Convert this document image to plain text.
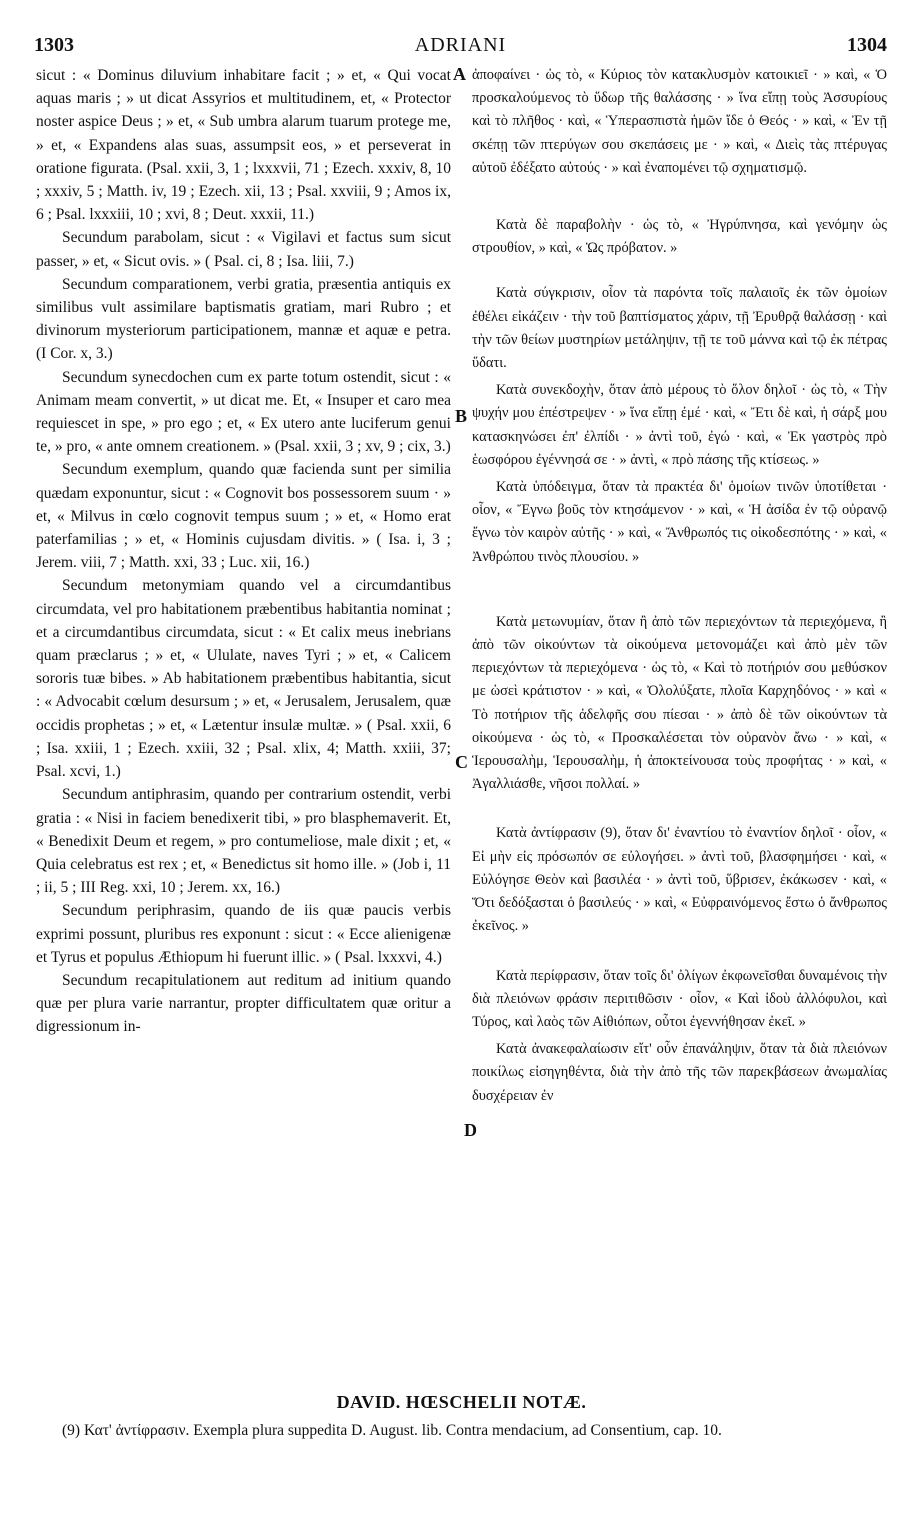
1303	ADRIANI	1304

sicut : « Dominus diluvium inhabitare facit ; » et, « Qui vocat aquas maris ; » ut dicat Assyrios et multitudinem, et, « Protector noster aspice Deus ; » et, « Sub umbra alarum tuarum protege me, » et, « Expandens alas suas, assumpsit eos, » et perseverat in oratione figurata. (Psal. xxii, 3, 1 ; lxxxvii, 71 ; Ezech. xxxiv, 8, 10 ; xxxiv, 5 ; Matth. iv, 19 ; Ezech. xii, 13 ; Psal. xxviii, 9 ; Amos ix, 6 ; Psal. lxxxiii, 10 ; xvi, 8 ; Deut. xxxii, 11.)

Secundum parabolam, sicut : « Vigilavi et factus sum sicut passer, » et, « Sicut ovis. » ( Psal. ci, 8 ; Isa. liii, 7.)

Secundum comparationem, verbi gratia, præsentia antiquis ex similibus vult assimilare baptismatis gratiam, mari Rubro ; et divinorum mysteriorum participationem, mannæ et aquæ e petra. (I Cor. x, 3.)

Secundum synecdochen cum ex parte totum ostendit, sicut : « Animam meam convertit, » ut dicat me. Et, « Insuper et caro mea requiescet in spe, » pro ego ; et, « Ex utero ante luciferum genui te, » pro, « ante omnem creationem. » (Psal. xxii, 3 ; xv, 9 ; cix, 3.)

Secundum exemplum, quando quæ facienda sunt per similia quædam exponuntur, sicut : « Cognovit bos possessorem suum · » et, « Milvus in cœlo cognovit tempus suum ; » et, « Homo erat paterfamilias ; » et, « Hominis cujusdam divitis. » ( Isa. i, 3 ; Jerem. viii, 7 ; Matth. xxi, 33 ; Luc. xii, 16.)

Secundum metonymiam quando vel a circumdantibus circumdata, vel pro habitationem præbentibus habitantia nominat ; et a circumdantibus circumdata, sicut : « Et calix meus inebrians quam præclarus ; » et, « Ululate, naves Tyri ; » et, « Calicem sororis tuæ bibes. » Ab habitationem præbentibus habitantia, sicut : « Advocabit cœlum desursum ; » et, « Jerusalem, Jerusalem, quæ occidis prophetas ; » et, « Lætentur insulæ multæ. » ( Psal. xxii, 6 ; Isa. xxiii, 1 ; Ezech. xxiii, 32 ; Psal. xlix, 4; Matth. xxiii, 37; Psal. xcvi, 1.)

Secundum antiphrasim, quando per contrarium ostendit, verbi gratia : « Nisi in faciem benedixerit tibi, » pro blasphemaverit. Et, « Benedixit Deum et regem, » pro contumeliose, male dixit ; et, « Quia celebratus est rex ; et, « Benedictus sit homo ille. » (Job i, 11 ; ii, 5 ; III Reg. xxi, 10 ; Jerem. xx, 16.)

Secundum periphrasim, quando de iis quæ paucis verbis exprimi possunt, pluribus res exponunt : sicut : « Ecce alienigenæ et Tyrus et populus Æthiopum hi fuerunt illic. » ( Psal. lxxxvi, 4.)

Secundum recapitulationem aut reditum ad initium quando quæ per plura varie narrantur, propter difficultatem quæ oritur a digressionum in-

A
B
C
D

ἀποφαίνει · ὡς τὸ, « Κύριος τὸν κατακλυσμὸν κατοικιεῖ · » καὶ, « Ὁ προσκαλούμενος τὸ ὕδωρ τῆς θαλάσσης · » ἵνα εἴπῃ τοὺς Ἀσσυρίους καὶ τὸ πλῆθος · καὶ, « Ὑπερασπιστὰ ἡμῶν ἴδε ὁ Θεός · » καὶ, « Ἐν τῇ σκέπῃ τῶν πτερύγων σου σκεπάσεις με · » καὶ, « Διεὶς τὰς πτέρυγας αὐτοῦ ἐδέξατο αὐτούς · » καὶ ἐναπομένει τῷ σχηματισμῷ.

Κατὰ δὲ παραβολὴν · ὡς τὸ, « Ἠγρύπνησα, καὶ γενόμην ὡς στρουθίον, » καὶ, « Ὡς πρόβατον. »

Κατὰ σύγκρισιν, οἷον τὰ παρόντα τοῖς παλαιοῖς ἐκ τῶν ὁμοίων ἐθέλει εἰκάζειν · τὴν τοῦ βαπτίσματος χάριν, τῇ Ἐρυθρᾷ θαλάσσῃ · καὶ τὴν τῶν θείων μυστηρίων μετάληψιν, τῇ τε τοῦ μάννα καὶ τῷ ἐκ πέτρας ὕδατι.

Κατὰ συνεκδοχὴν, ὅταν ἀπὸ μέρους τὸ ὅλον δηλοῖ · ὡς τὸ, « Τὴν ψυχήν μου ἐπέστρεψεν · » ἵνα εἴπῃ ἐμέ · καὶ, « Ἔτι δὲ καὶ, ἡ σάρξ μου κατασκηνώσει ἐπ' ἐλπίδι · » ἀντὶ τοῦ, ἐγώ · καὶ, « Ἐκ γαστρὸς πρὸ ἑωσφόρου ἐγέννησά σε · » ἀντὶ, « πρὸ πάσης τῆς κτίσεως. »

Κατὰ ὑπόδειγμα, ὅταν τὰ πρακτέα δι' ὁμοίων τινῶν ὑποτίθεται · οἷον, « Ἔγνω βοῦς τὸν κτησάμενον · » καὶ, « Ἡ ἀσίδα ἐν τῷ οὐρανῷ ἔγνω τὸν καιρὸν αὐτῆς · » καὶ, « Ἄνθρωπός τις οἰκοδεσπότης · » καὶ, « Ἀνθρώπου τινὸς πλουσίου. »

Κατὰ μετωνυμίαν, ὅταν ἢ ἀπὸ τῶν περιεχόντων τὰ περιεχόμενα, ἢ ἀπὸ τῶν οἰκούντων τὰ οἰκούμενα μετονομάζει καὶ ἀπὸ μὲν τῶν περιεχόντων τὰ περιεχόμενα · ὡς τὸ, « Καὶ τὸ ποτήριόν σου μεθύσκον με ὡσεὶ κράτιστον · » καὶ, « Ὀλολύξατε, πλοῖα Καρχηδόνος · » καὶ « Τὸ ποτήριον τῆς ἀδελφῆς σου πίεσαι · » ἀπὸ δὲ τῶν οἰκούντων τὰ οἰκούμενα · ὡς τὸ, « Προσκαλέσεται τὸν οὐρανὸν ἄνω · » καὶ, « Ἱερουσαλὴμ, Ἱερουσαλὴμ, ἡ ἀποκτείνουσα τοὺς προφήτας · » καὶ, « Ἀγαλλιάσθε, νῆσοι πολλαί. »

Κατὰ ἀντίφρασιν (9), ὅταν δι' ἐναντίου τὸ ἐναντίον δηλοῖ · οἷον, « Εἰ μὴν εἰς πρόσωπόν σε εὐλογήσει. » ἀντὶ τοῦ, βλασφημήσει · καὶ, « Εὐλόγησε Θεὸν καὶ βασιλέα · » ἀντὶ τοῦ, ὕβρισεν, ἐκάκωσεν · καὶ, « Ὅτι δεδόξασται ὁ βασιλεύς · » καὶ, « Εὐφραινόμενος ἔστω ὁ ἄνθρωπος ἐκεῖνος. »

Κατὰ περίφρασιν, ὅταν τοῖς δι' ὀλίγων ἐκφωνεῖσθαι δυναμένοις τὴν διὰ πλειόνων φράσιν περιτιθῶσιν · οἷον, « Καὶ ἰδοὺ ἀλλόφυλοι, καὶ Τύρος, καὶ λαὸς τῶν Αἰθιόπων, οὗτοι ἐγεννήθησαν ἐκεῖ. »

Κατὰ ἀνακεφαλαίωσιν εἴτ' οὖν ἐπανάληψιν, ὅταν τὰ διὰ πλειόνων ποικίλως εἰσηγηθέντα, διὰ τὴν ἀπὸ τῆς τῶν παρεκβάσεων ἀνωμαλίας δυσχέρειαν ἐν

DAVID. HŒSCHELII NOTÆ.
(9) Κατ' ἀντίφρασιν. Exempla plura suppedita D. August. lib. Contra mendacium, ad Consentium, cap. 10.
